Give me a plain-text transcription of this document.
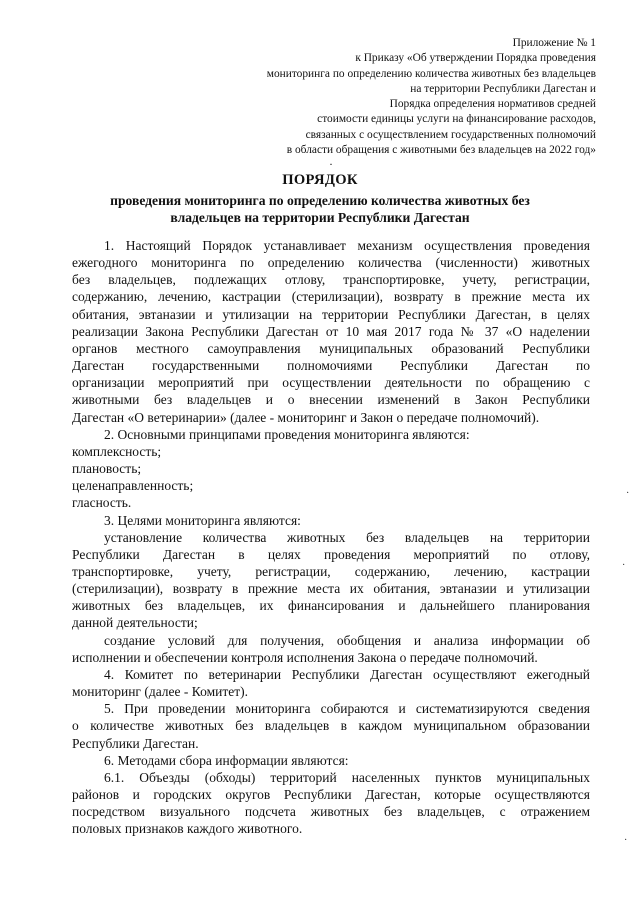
Приложение № 1
к Приказу «Об утверждении Порядка проведения
мониторинга по определению количества животных без владельцев
на территории Республики Дагестан и
Порядка определения нормативов средней
стоимости единицы услуги на финансирование расходов,
связанных с осуществлением государственных полномочий
в области обращения с животными без владельцев на 2022 год»
·
ПОРЯДОК
проведения мониторинга по определению количества животных без
владельцев на территории Республики Дагестан
1. Настоящий Порядок устанавливает механизм осуществления проведения
ежегодного мониторинга по определению количества (численности) животных
без владельцев, подлежащих отлову, транспортировке, учету, регистрации,
содержанию, лечению, кастрации (стерилизации), возврату в прежние места их
обитания, эвтаназии и утилизации на территории Республики Дагестан, в целях
реализации Закона Республики Дагестан от 10 мая 2017 года № 37 «О наделении
органов местного самоуправления муниципальных образований Республики
Дагестан государственными полномочиями Республики Дагестан по
организации мероприятий при осуществлении деятельности по обращению с
животными без владельцев и о внесении изменений в Закон Республики
Дагестан «О ветеринарии» (далее - мониторинг и Закон о передаче полномочий).
2. Основными принципами проведения мониторинга являются:
комплексность;
плановость;
целенаправленность;
гласность.
3. Целями мониторинга являются:
установление количества животных без владельцев на территории
Республики Дагестан в целях проведения мероприятий по отлову,
транспортировке, учету, регистрации, содержанию, лечению, кастрации
(стерилизации), возврату в прежние места их обитания, эвтаназии и утилизации
животных без владельцев, их финансирования и дальнейшего планирования
данной деятельности;
создание условий для получения, обобщения и анализа информации об
исполнении и обеспечении контроля исполнения Закона о передаче полномочий.
4. Комитет по ветеринарии Республики Дагестан осуществляют ежегодный
мониторинг (далее - Комитет).
5. При проведении мониторинга собираются и систематизируются сведения
о количестве животных без владельцев в каждом муниципальном образовании
Республики Дагестан.
6. Методами сбора информации являются:
6.1. Объезды (обходы) территорий населенных пунктов муниципальных
районов и городских округов Республики Дагестан, которые осуществляются
посредством визуального подсчета животных без владельцев, с отражением
половых признаков каждого животного.
·
·
·
